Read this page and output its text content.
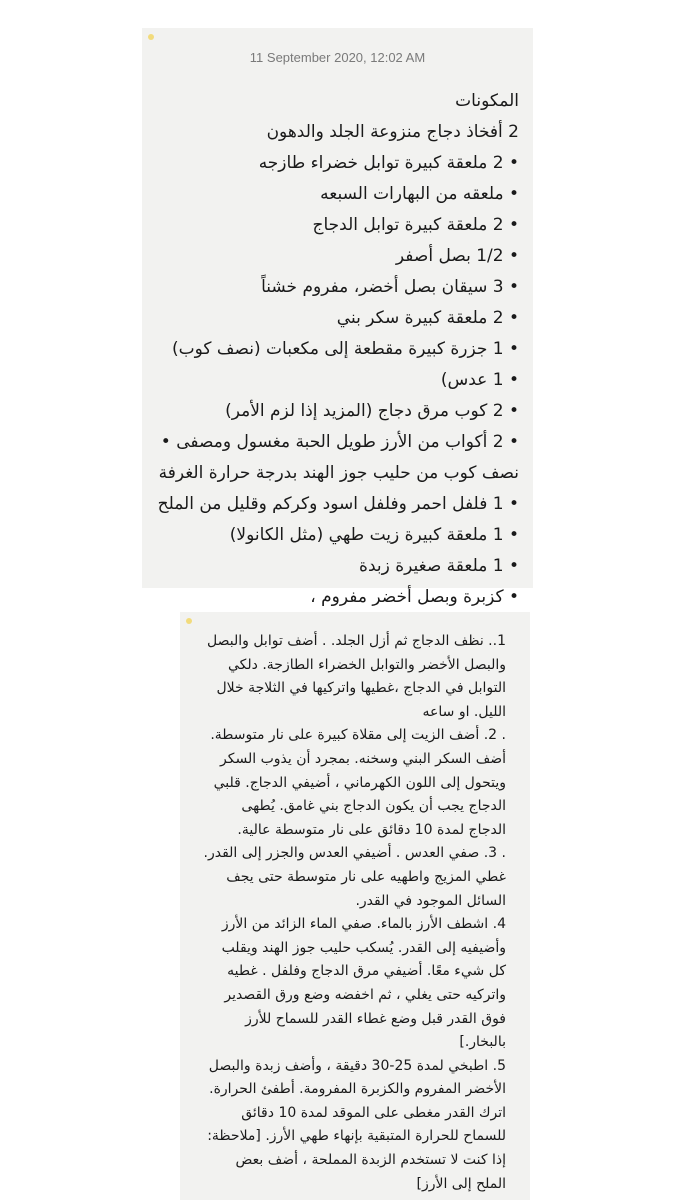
11 September 2020, 12:02 AM
المكونات
2 أفخاذ دجاج منزوعة الجلد والدهون
• 2 ملعقة كبيرة توابل خضراء طازجه
• ملعقه من البهارات السبعه
• 2 ملعقة كبيرة توابل الدجاج
• 1/2 بصل أصفر
• 3 سيقان بصل أخضر، مفروم خشناً
• 2 ملعقة كبيرة سكر بني
• 1 جزرة كبيرة مقطعة إلى مكعبات (نصف كوب)
• 1 عدس)
• 2 كوب مرق دجاج (المزيد إذا لزم الأمر)
• 2 أكواب من الأرز طويل الحبة مغسول ومصفى • نصف كوب من حليب جوز الهند بدرجة حرارة الغرفة
• 1 فلفل احمر وفلفل اسود وكركم وقليل من الملح
• 1 ملعقة كبيرة زيت طهي (مثل الكانولا)
• 1 ملعقة صغيرة زبدة
• كزبرة وبصل أخضر مفروم ،
1.. نظف الدجاج ثم أزل الجلد. . أضف توابل والبصل والبصل الأخضر والتوابل الخضراء الطازجة. دلكي التوابل في الدجاج ،غطيها واتركيها في الثلاجة خلال الليل. او ساعه
. 2. أضف الزيت إلى مقلاة كبيرة على نار متوسطة. أضف السكر البني وسخنه. بمجرد أن يذوب السكر ويتحول إلى اللون الكهرماني ، أضيفي الدجاج. قلبي الدجاج يجب أن يكون الدجاج بني غامق. يُطهى الدجاج لمدة 10 دقائق على نار متوسطة عالية.
. 3. صفي العدس . أضيفي العدس والجزر إلى القدر. غطي المزيج واطهيه على نار متوسطة حتى يجف السائل الموجود في القدر.
4. اشطف الأرز بالماء. صفي الماء الزائد من الأرز وأضيفيه إلى القدر. يُسكب حليب جوز الهند ويقلب كل شيء معًا. أضيفي مرق الدجاج وفلفل . غطيه واتركيه حتى يغلي ، ثم اخفضه وضع ورق القصدير فوق القدر قبل وضع غطاء القدر للسماح للأرز بالبخار.]
5. اطبخي لمدة 25-30 دقيقة ، وأضف زبدة والبصل الأخضر المفروم والكزبرة المفرومة. أطفئ الحرارة. اترك القدر مغطى على الموقد لمدة 10 دقائق للسماح للحرارة المتبقية بإنهاء طهي الأرز. [ملاحظة: إذا كنت لا تستخدم الزبدة المملحة ، أضف بعض الملح إلى الأرز]
